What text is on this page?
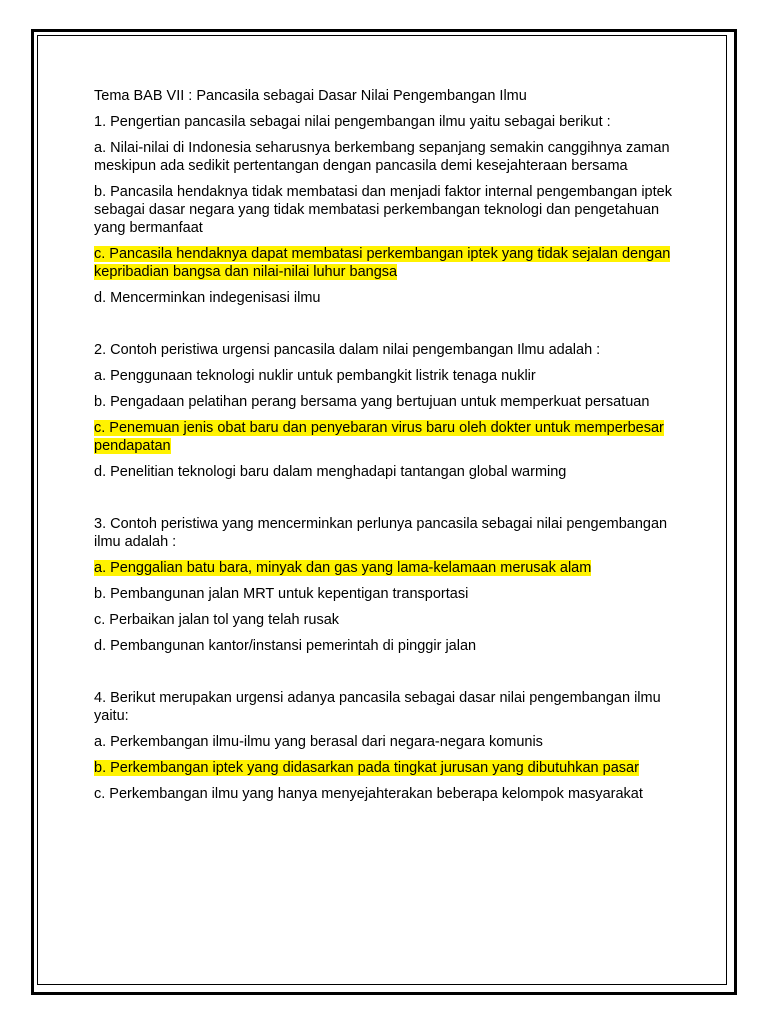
Tema BAB VII : Pancasila sebagai Dasar Nilai Pengembangan Ilmu

1. Pengertian pancasila sebagai nilai pengembangan ilmu yaitu sebagai berikut :

a. Nilai-nilai di Indonesia seharusnya berkembang sepanjang semakin canggihnya zaman meskipun ada sedikit pertentangan dengan pancasila demi kesejahteraan bersama

b. Pancasila hendaknya tidak membatasi dan menjadi faktor internal pengembangan iptek sebagai dasar negara yang tidak membatasi perkembangan teknologi dan pengetahuan yang bermanfaat

c. Pancasila hendaknya dapat membatasi perkembangan iptek yang tidak sejalan dengan kepribadian bangsa dan nilai-nilai luhur bangsa

d. Mencerminkan indegenisasi ilmu

2. Contoh peristiwa urgensi pancasila dalam nilai pengembangan Ilmu adalah :

a. Penggunaan teknologi nuklir untuk pembangkit listrik tenaga nuklir

b. Pengadaan pelatihan perang bersama yang bertujuan untuk memperkuat persatuan

c. Penemuan jenis obat baru dan penyebaran virus baru oleh dokter untuk memperbesar pendapatan

d. Penelitian teknologi baru dalam menghadapi tantangan global warming

3. Contoh peristiwa yang mencerminkan perlunya pancasila sebagai nilai pengembangan ilmu adalah :

a. Penggalian batu bara, minyak dan gas yang lama-kelamaan merusak alam

b. Pembangunan jalan MRT untuk kepentigan transportasi

c. Perbaikan jalan tol yang telah rusak

d. Pembangunan kantor/instansi pemerintah di pinggir jalan

4. Berikut merupakan urgensi adanya pancasila sebagai dasar nilai pengembangan ilmu yaitu:

a. Perkembangan ilmu-ilmu yang berasal dari negara-negara komunis

b. Perkembangan iptek yang didasarkan pada tingkat jurusan yang dibutuhkan pasar

c. Perkembangan ilmu yang hanya menyejahterakan beberapa kelompok masyarakat
